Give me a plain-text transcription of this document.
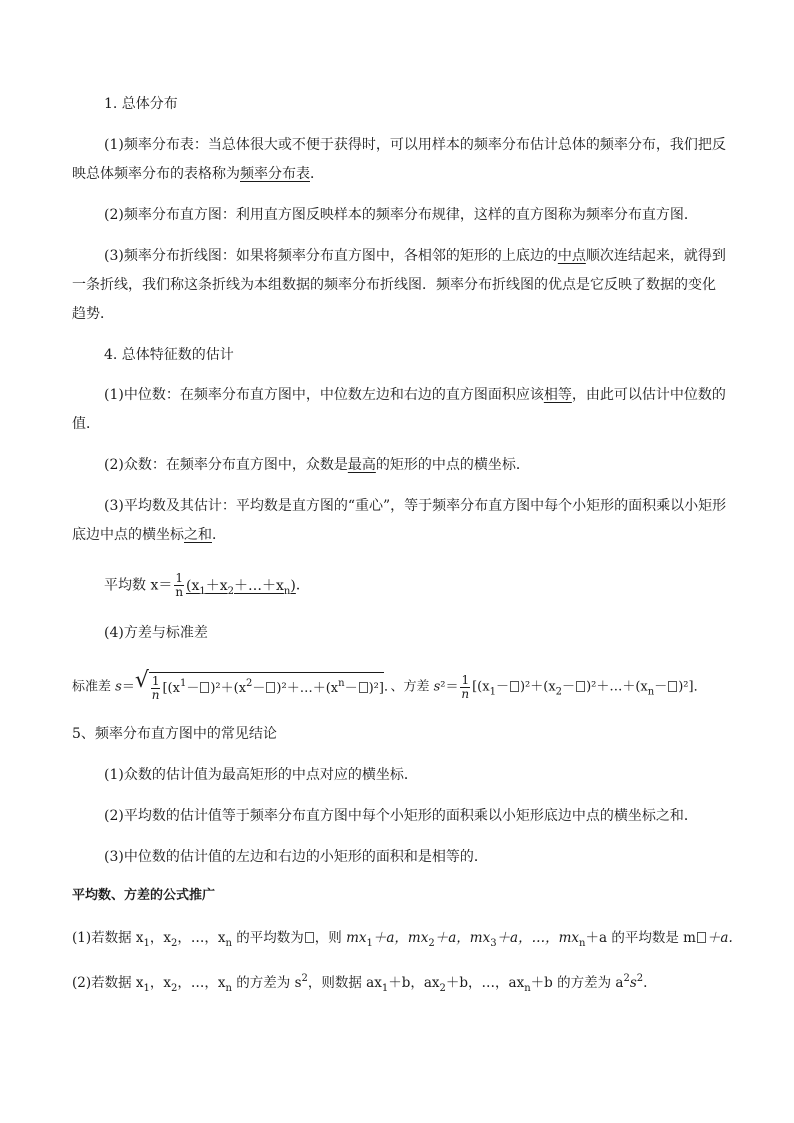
1. 总体分布
(1)频率分布表：当总体很大或不便于获得时，可以用样本的频率分布估计总体的频率分布，我们把反
映总体频率分布的表格称为频率分布表．
(2)频率分布直方图：利用直方图反映样本的频率分布规律，这样的直方图称为频率分布直方图．
(3)频率分布折线图：如果将频率分布直方图中，各相邻的矩形的上底边的中点顺次连结起来，就得到
一条折线，我们称这条折线为本组数据的频率分布折线图．频率分布折线图的优点是它反映了数据的变化
趋势．
4. 总体特征数的估计
(1)中位数：在频率分布直方图中，中位数左边和右边的直方图面积应该相等，由此可以估计中位数的
值．
(2)众数：在频率分布直方图中，众数是最高的矩形的中点的横坐标．
(3)平均数及其估计：平均数是直方图的“重心”，等于频率分布直方图中每个小矩形的面积乘以小矩形
底边中点的横坐标之和．
平均数 $x= \frac{1}{n}$ $(x_1+x_2+\dots+x_n)$．
(4)方差与标准差
标准差 s＝ √ $\frac{1}{n} [(x^1- )^2+(x^2-$ )$^2+\dots+(x^n- )^2$]．、方差 $s^2= \frac{1}{n} [(x_1- )^2+(x_2-$ )$^2+\dots+(x_n- )^2$]．
5、频率分布直方图中的常见结论
(1)众数的估计值为最高矩形的中点对应的横坐标．
(2)平均数的估计值等于频率分布直方图中每个小矩形的面积乘以小矩形底边中点的横坐标之和．
(3)中位数的估计值的左边和右边的小矩形的面积和是相等的．
平均数、方差的公式推广
(1)若数据 $x_1$，$x_2$，…，$x_n$ 的平均数为 ，则 $mx_1+a$，$mx_2+a$，$mx_3+a$，…，$mx_n+a$ 的平均数是 m ＋a.
(2)若数据 $x_1$，$x_2$，…，$x_n$ 的方差为 $s^2$，则数据 $ax_1+b$，$ax_2+b$，…，$ax_n+b$ 的方差为 $a^2s^2$.
